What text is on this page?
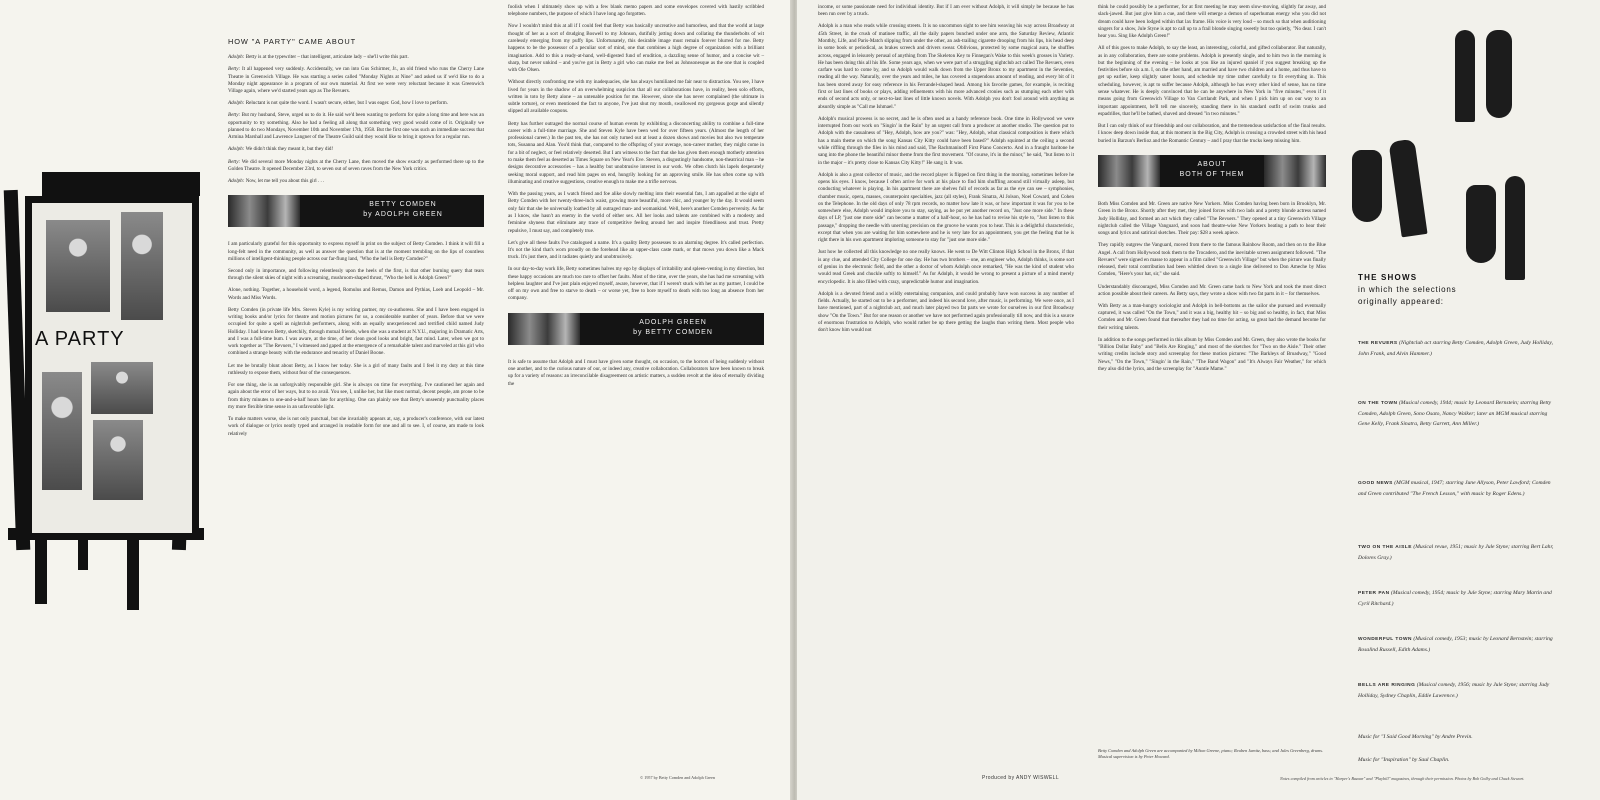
A PARTY
HOW "A PARTY" CAME ABOUT

Adolph: Betty is at the typewriter – that intelligent, articulate lady – she'll write this part.

Betty: It all happened very suddenly. Accidentally, we ran into Gus Schirmer, Jr., an old friend who runs the Cherry Lane Theatre in Greenwich Village. He was starting a series called "Monday Nights at Nine" and asked us if we'd like to do a Monday night appearance in a program of our own material. At first we were very reluctant because it was Greenwich Village again, where we'd started years ago as The Revuers.

Adolph: Reluctant is not quite the word. I wasn't secure, either, but I was eager. God, how I love to perform.

Betty: But my husband, Steve, urged us to do it. He said we'd been wanting to perform for quite a long time and here was an opportunity to try something. Also he had a feeling all along that something very good would come of it. Originally we planned to do two Mondays, November 10th and November 17th, 1958. But the first one was such an immediate success that Armina Marshall and Lawrence Langner of the Theatre Guild said they would like to bring it uptown for a regular run.

Adolph: We didn't think they meant it, but they did!

Betty: We did several more Monday nights at the Cherry Lane, then moved the show exactly as performed there up to the Golden Theatre. It opened December 23rd, to seven out of seven raves from the New York critics.

Adolph: Now, let me tell you about this girl . . .

BETTY COMDEN
by ADOLPH GREEN

I am particularly grateful for this opportunity to express myself in print on the subject of Betty Comden. I think it will fill a long-felt need in the community, as well as answer the question that is at the moment trembling on the lips of countless millions of intelligent-thinking people across our far-flung land, "Who the hell is Betty Comden?"

Second only in importance, and following relentlessly upon the heels of the first, is that other burning query that tears through the silent skies of night with a screaming, mushroom-shaped thrust, "Who the hell is Adolph Green?"

Alone, nothing. Together, a household word, a legend, Romulus and Remus, Damon and Pythias, Loeb and Leopold – Mr. Words and Miss Words.

Betty Comden (in private life Mrs. Steven Kyle) is my writing partner, my co-authoress. She and I have been engaged in writing books and/or lyrics for theatre and motion pictures for us, a considerable number of years. Before that we were occupied for quite a spell as nightclub performers, along with an equally unexperienced and terrified child named Judy Holliday. I had known Betty, sketchily, through mutual friends, when she was a student at N.Y.U., majoring in Dramatic Arts, and I was a full-time bum. I was aware, at the time, of her clean good looks and bright, fast mind. Later, when we got to work together as "The Revuers," I witnessed and gaped at the emergence of a remarkable talent and marveled at this girl who combined a strange beauty with the endurance and tenacity of Daniel Boone.

Let me be brutally blunt about Betty, as I know her today. She is a girl of many faults and I feel it my duty at this time ruthlessly to expose them, without fear of the consequences.

For one thing, she is an unforgivably responsible girl. She is always on time for everything. I've cautioned her again and again about the error of her ways, but to no avail. You see, I, unlike her, but like most normal, decent people, am prone to be from thirty minutes to one-and-a-half hours late for anything. One can plainly see that Betty's unseemly punctuality places my more flexible time sense in an unfavorable light.

To make matters worse, she is not only punctual, but she invariably appears at, say, a producer's conference, with our latest work of dialogue or lyrics neatly typed and arranged in readable form for one and all to see. I, of course, am made to look relatively

foolish when I ultimately show up with a few blank memo papers and some envelopes covered with hastily scribbled telephone numbers, the purpose of which I have long ago forgotten.

Now I wouldn't mind this at all if I could feel that Betty was basically uncreative and humorless, and that the world at large thought of her as a sort of drudging Boswell to my Johnson, dutifully jotting down and collating the thunderbolts of wit carelessly emerging from my puffy lips. Unfortunately, this desirable image must remain forever blurred for me. Betty happens to be the possessor of a peculiar sort of mind, one that combines a high degree of organization with a brilliant imagination. Add to this a ready-at-hand, well-digested fund of erudition, a dazzling sense of humor, and a concise wit – sharp, but never unkind – and you've got in Betty a girl who can make me feel as Johnsonesque as the one that is coupled with Ole Olsen.

Without directly confronting me with my inadequacies, she has always humiliated me fair near to distraction. You see, I have lived for years in the shadow of an overwhelming suspicion that all our collaborations have, in reality, been solo efforts, written in toto by Betty alone – an untenable position for me. However, since she has never complained (the ultimate in subtle torture), or even mentioned the fact to anyone, I've just shut my mouth, swallowed my gorgeous gorge and silently slipped all available coupons.

Betty has further outraged the normal course of human events by exhibiting a disconcerting ability to combine a full-time career with a full-time marriage. She and Steven Kyle have been wed for over fifteen years. (Almost the length of her professional career.) In the past ten, she has not only turned out at least a dozen shows and movies but also two temperate tots, Susanna and Alan. You'd think that, compared to the offspring of your average, non-career mother, they might come in for a bit of neglect, or feel relatively deserted. But I am witness to the fact that she has given them enough motherly attention to make them feel as deserted as Times Square on New Year's Eve. Steven, a disgustingly handsome, non-theatrical man – he designs decorative accessories – has a healthy but unobtrusive interest in our work. We often clutch his lapels desperately seeking moral support, and read him pages on end, hungrily looking for an approving smile. He has often come up with illuminating and creative suggestions, creative enough to make me a trifle nervous.

With the passing years, as I watch friend and foe alike slowly melting into their essential fats, I am appalled at the sight of Betty Comden with her twenty-three-inch waist, growing more beautiful, more chic, and younger by the day. It would seem only fair that she be universally loathed by all outraged man- and womankind. Well, here's another Comden perversity. As far as I know, she hasn't an enemy in the world of either sex. All her looks and talents are combined with a modesty and feminine shyness that eliminate any trace of competitive feeling around her and inspire friendliness and trust. Pretty repulsive, I must say, and completely true.

Let's give all these faults I've catalogued a name. It's a quality Betty possesses to an alarming degree. It's called perfection. It's not the kind that's worn proudly on the forehead like an upper-class caste mark, or that mows you down like a Mack truck. It's just there, and it radiates quietly and unobtrusively.

In our day-to-day work life, Betty sometimes halves my ego by displays of irritability and spleen-venting in my direction, but these happy occasions are much too rare to offset her faults. Most of the time, over the years, she has had me screaming with helpless laughter and I've just plain enjoyed myself, aware, however, that if I weren't stuck with her as my partner, I could be off on my own and free to starve to death – or worse yet, free to bore myself to death with too long an absence from her company.

ADOLPH GREEN
by BETTY COMDEN

It is safe to assume that Adolph and I must have given some thought, on occasion, to the horrors of being suddenly without one another, and to the curious nature of our, or indeed any, creative collaboration. Collaborators have been known to break up for a variety of reasons: an irreconcilable disagreement on artistic matters, a sudden revolt at the idea of eternally dividing the

© 1957 by Betty Comden and Adolph Green

income, or some passionate need for individual identity. But if I am ever without Adolph, it will simply be because he has been run over by a truck.

Adolph is a man who reads while crossing streets. It is no uncommon sight to see him weaving his way across Broadway at 45th Street, in the crush of matinee traffic, all the daily papers bunched under one arm, the Saturday Review, Atlantic Monthly, Life, and Paris-Match slipping from under the other, an ash-trailing cigarette drooping from his lips, his head deep in some book or periodical, as brakes screech and drivers swear. Oblivious, protected by some magical aura, he shuffles across, engaged in leisurely perusal of anything from The Skeleton Key to Finnegan's Wake to this week's grosses in Variety. He has been doing this all his life. Some years ago, when we were part of a struggling nightclub act called The Revuers, even carfare was hard to come by, and so Adolph would walk down from the Upper Bronx to my apartment in the Seventies, reading all the way. Naturally, over the years and miles, he has covered a stupendous amount of reading, and every bit of it has been stored away for easy reference in his Ferrandel-shaped head. Among his favorite games, for example, is reciting first or last lines of books or plays, adding refinements with his more advanced cronies such as stumping each other with ends of second acts only, or next-to-last lines of little known novels. With Adolph you don't fool around with anything as absurdly simple as "Call me Ishmael."

Adolph's musical prowess is no secret, and he is often used as a handy reference book. One time in Hollywood we were interrupted from our work on "Singin' in the Rain" by an urgent call from a producer at another studio. The question put to Adolph with the casualness of "Hey, Adolph, how are you?" was: "Hey, Adolph, what classical composition is there which has a main theme on which the song Kansas City Kitty could have been based?" Adolph squinted at the ceiling a second while riffling through the files in his mind and said, The Rachmaninoff First Piano Concerto. And in a fraught baritone he sang into the phone the beautiful minor theme from the first movement. "Of course, it's in the minor," he said, "but listen to it in the major – it's pretty close to Kansas City Kitty!" He sang it. It was.

Adolph is also a great collector of music, and the record player is flipped on first thing in the morning, sometimes before he opens his eyes. I know, because I often arrive for work at his place to find him shuffling around still virtually asleep, but conducting whatever is playing. In his apartment there are shelves full of records as far as the eye can see – symphonies, chamber music, opera, masses, counterpoint specialties, jazz (all styles), Frank Sinatra, Al Jolson, Noel Coward, and Cohen on the Telephone. In the old days of only 78 rpm records, no matter how late it was, or how important it was for you to be somewhere else, Adolph would implore you to stay, saying, as he put yet another record on, "Just one more side." In these days of LP, "just one more side" can become a matter of a half-hour, so he has had to revise his style to, "Just listen to this passage," dropping the needle with unerring precision on the groove he wants you to hear. This is a delightful characteristic, except that when you are waiting for him somewhere and he is very late for an appointment, you get the feeling that he is right there in his own apartment imploring someone to stay for "just one more side."

Just how he collected all this knowledge no one really knows. He went to De Witt Clinton High School in the Bronx, if that is any clue, and attended City College for one day. He has two brothers – one, an engineer who, Adolph thinks, is some sort of genius in the electronic field, and the other a doctor of whom Adolph once remarked, "He was the kind of student who would read Greek and chuckle softly to himself." As for Adolph, it would be wrong to present a picture of a mind merely encyclopedic. It is also filled with crazy, unpredictable humor and imagination.

Adolph is a devoted friend and a wildly entertaining companion, and could probably have won success in any number of fields. Actually, he started out to be a performer, and indeed his second love, after music, is performing. We were once, as I have mentioned, part of a nightclub act, and much later played two fat parts we wrote for ourselves in our first Broadway show "On the Town." But for one reason or another we have not performed again professionally till now, and this is a source of enormous frustration to Adolph, who would rather be up there getting the laughs than writing them. Most people who don't know him would not

Produced by ANDY WISWELL

think he could possibly be a performer, for at first meeting he may seem slow-moving, slightly far away, and slack-jawed. But just give him a cue, and there will emerge a demon of superhuman energy who you did not dream could have been lodged within that lax frame. His voice is very loud – so much so that when auditioning singers for a show, Jule Styne is apt to call up to a frail blonde singing sweetly but too quietly, "No dear. I can't hear you. Sing like Adolph Green!"

All of this goes to make Adolph, to say the least, an interesting, colorful, and gifted collaborator. But naturally, as in any collaboration, there are some problems. Adolph is presently single, and to him two in the morning is but the beginning of the evening – he looks at you like an injured spaniel if you suggest breaking up the festivities before six a.m. I, on the other hand, am married and have two children and a home, and thus have to get up earlier, keep slightly saner hours, and schedule my time rather carefully to fit everything in. This scheduling, however, is apt to suffer because Adolph, although he has every other kind of sense, has no time sense whatever. He is deeply convinced that he can be anywhere in New York in "five minutes," even if it means going from Greenwich Village to Van Cortlandt Park, and when I pick him up on our way to an important appointment, he'll tell me sincerely, standing there in his standard outfit of swim trunks and espadrilles, that he'll be bathed, shaved and dressed "in two minutes."

But I can only think of our friendship and our collaboration, and the tremendous satisfaction of the final results. I know deep down inside that, at this moment in the Big City, Adolph is crossing a crowded street with his head buried in Barzun's Berlioz and the Romantic Century – and I pray that the trucks keep missing him.

ABOUT
BOTH OF THEM

Both Miss Comden and Mr. Green are native New Yorkers. Miss Comden having been born in Brooklyn, Mr. Green in the Bronx. Shortly after they met, they joined forces with two lads and a pretty blonde actress named Judy Holliday, and formed an act which they called "The Revuers." They opened at a tiny Greenwich Village nightclub called the Village Vanguard, and soon had theatre-wise New Yorkers beating a path to hear their songs and lyrics and satirical sketches. Their pay: $28 a week apiece.

They rapidly outgrew the Vanguard, moved from there to the famous Rainbow Room, and then on to the Blue Angel. A call from Hollywood took them to the Trocadero, and the inevitable screen assignment followed. "The Revuers" were signed en masse to appear in a film called "Greenwich Village" but when the picture was finally released, their total contribution had been whittled down to a single line delivered to Don Ameche by Miss Comden, "Here's your hat, sir," she said.

Understandably discouraged, Miss Comden and Mr. Green came back to New York and took the most direct action possible about their careers. As Betty says, they wrote a show with two fat parts in it – for themselves.

With Betty as a man-hungry sociologist and Adolph in bell-bottoms as the sailor she pursued and eventually captured, it was called "On the Town," and it was a big, healthy hit – so big and so healthy, in fact, that Miss Comden and Mr. Green found that thereafter they had no time for acting, so great had the demand become for their writing talents.

In addition to the songs performed in this album by Miss Comden and Mr. Green, they also wrote the books for "Billion Dollar Baby" and "Bells Are Ringing," and most of the sketches for "Two on the Aisle." Their other writing credits include story and screenplay for these motion pictures: "The Barkleys of Broadway," "Good News," "On the Town," "Singin' in the Rain," "The Band Wagon" and "It's Always Fair Weather," for which they also did the lyrics, and the screenplay for "Auntie Mame."

Betty Comden and Adolph Green are accompanied by Milton Greene, piano; Reuben Jamitz, bass; and Jules Greenberg, drums. Musical supervision is by Peter Howard.
THE SHOWS
in which the selections
originally appeared:
THE REVUERS (Nightclub act starring Betty Comden, Adolph Green, Judy Holliday, John Frank, and Alvin Hammer.)
ON THE TOWN (Musical comedy, 1944; music by Leonard Bernstein; starring Betty Comden, Adolph Green, Sono Osato, Nancy Walker; later an MGM musical starring Gene Kelly, Frank Sinatra, Betty Garrett, Ann Miller.)
GOOD NEWS (MGM musical, 1947; starring June Allyson, Peter Lawford; Comden and Green contributed "The French Lesson," with music by Roger Edens.)
TWO ON THE AISLE (Musical revue, 1951; music by Jule Styne; starring Bert Lahr, Dolores Gray.)
PETER PAN (Musical comedy, 1954; music by Jule Styne; starring Mary Martin and Cyril Ritchard.)
WONDERFUL TOWN (Musical comedy, 1953; music by Leonard Bernstein; starring Rosalind Russell, Edith Adams.)
BELLS ARE RINGING (Musical comedy, 1956; music by Jule Styne; starring Judy Holliday, Sydney Chaplin, Eddie Lawrence.)
Music for "I Said Good Morning" by Andre Previn.
Music for "Inspiration" by Saul Chaplin.
Notes compiled from articles in "Harper's Bazaar" and "Playbill" magazines, through their permission. Photos by Bob Golby and Chuck Stewart.
